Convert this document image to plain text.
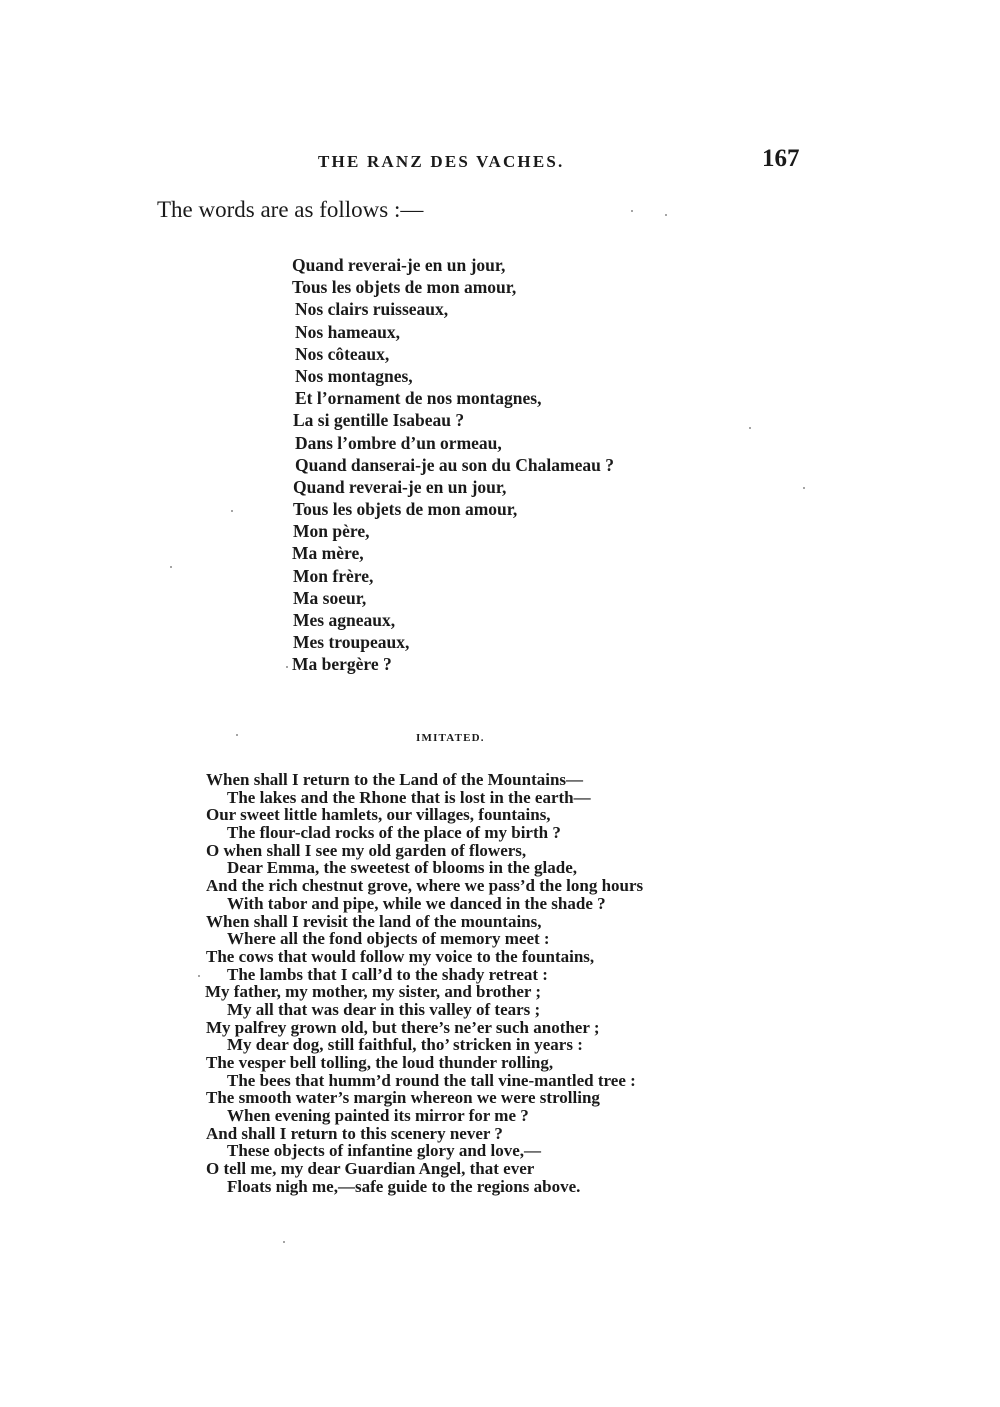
THE RANZ DES VACHES.	167
The words are as follows :—
Quand reverai-je en un jour,
Tous les objets de mon amour,
Nos clairs ruisseaux,
Nos hameaux,
Nos côteaux,
Nos montagnes,
Et l’ornament de nos montagnes,
La si gentille Isabeau ?
Dans l’ombre d’un ormeau,
Quand danserai-je au son du Chalameau ?
Quand reverai-je en un jour,
Tous les objets de mon amour,
Mon père,
Ma mère,
Mon frère,
Ma soeur,
Mes agneaux,
Mes troupeaux,
Ma bergère ?
IMITATED.
When shall I return to the Land of the Mountains—
The lakes and the Rhone that is lost in the earth—
Our sweet little hamlets, our villages, fountains,
The flour-clad rocks of the place of my birth ?
O when shall I see my old garden of flowers,
Dear Emma, the sweetest of blooms in the glade,
And the rich chestnut grove, where we pass’d the long hours
With tabor and pipe, while we danced in the shade ?
When shall I revisit the land of the mountains,
Where all the fond objects of memory meet :
The cows that would follow my voice to the fountains,
The lambs that I call’d to the shady retreat :
My father, my mother, my sister, and brother ;
My all that was dear in this valley of tears ;
My palfrey grown old, but there’s ne’er such another ;
My dear dog, still faithful, tho’ stricken in years :
The vesper bell tolling, the loud thunder rolling,
The bees that humm’d round the tall vine-mantled tree :
The smooth water’s margin whereon we were strolling
When evening painted its mirror for me ?
And shall I return to this scenery never ?
These objects of infantine glory and love,—
O tell me, my dear Guardian Angel, that ever
Floats nigh me,—safe guide to the regions above.
